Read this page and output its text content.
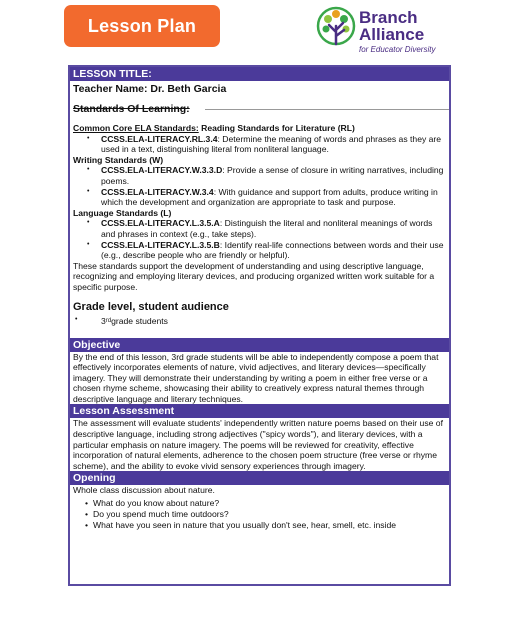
Lesson Plan	Branch
Alliance
for Educator Diversity
LESSON TITLE:
Teacher Name: Dr. Beth Garcia
Standards Of Learning:
Common Core ELA Standards: Reading Standards for Literature (RL)
• CCSS.ELA-LITERACY.RL.3.4: Determine the meaning of words and phrases as they are used in a text, distinguishing literal from nonliteral language.
Writing Standards (W)
• CCSS.ELA-LITERACY.W.3.3.D: Provide a sense of closure in writing narratives, including poems.
• CCSS.ELA-LITERACY.W.3.4: With guidance and support from adults, produce writing in which the development and organization are appropriate to task and purpose.
Language Standards (L)
• CCSS.ELA-LITERACY.L.3.5.A: Distinguish the literal and nonliteral meanings of words and phrases in context (e.g., take steps).
• CCSS.ELA-LITERACY.L.3.5.B: Identify real-life connections between words and their use (e.g., describe people who are friendly or helpful).
These standards support the development of understanding and using descriptive language, recognizing and employing literary devices, and producing organized written work suitable for a specific purpose.
Grade level, student audience
•	3ʳᵈgrade students
Objective
By the end of this lesson, 3rd grade students will be able to independently compose a poem that effectively incorporates elements of nature, vivid adjectives, and literary devices—specifically imagery. They will demonstrate their understanding by writing a poem in either free verse or a chosen rhyme scheme, showcasing their ability to creatively express natural themes through descriptive language and literary techniques.
Lesson Assessment
The assessment will evaluate students' independently written nature poems based on their use of descriptive language, including strong adjectives ("spicy words"), and literary devices, with a particular emphasis on nature imagery. The poems will be reviewed for creativity, effective incorporation of natural elements, adherence to the chosen poem structure (free verse or rhyme scheme), and the ability to evoke vivid sensory experiences through imagery.
Opening
Whole class discussion about nature.
• What do you know about nature?
• Do you spend much time outdoors?
• What have you seen in nature that you usually don't see, hear, smell, etc. inside
